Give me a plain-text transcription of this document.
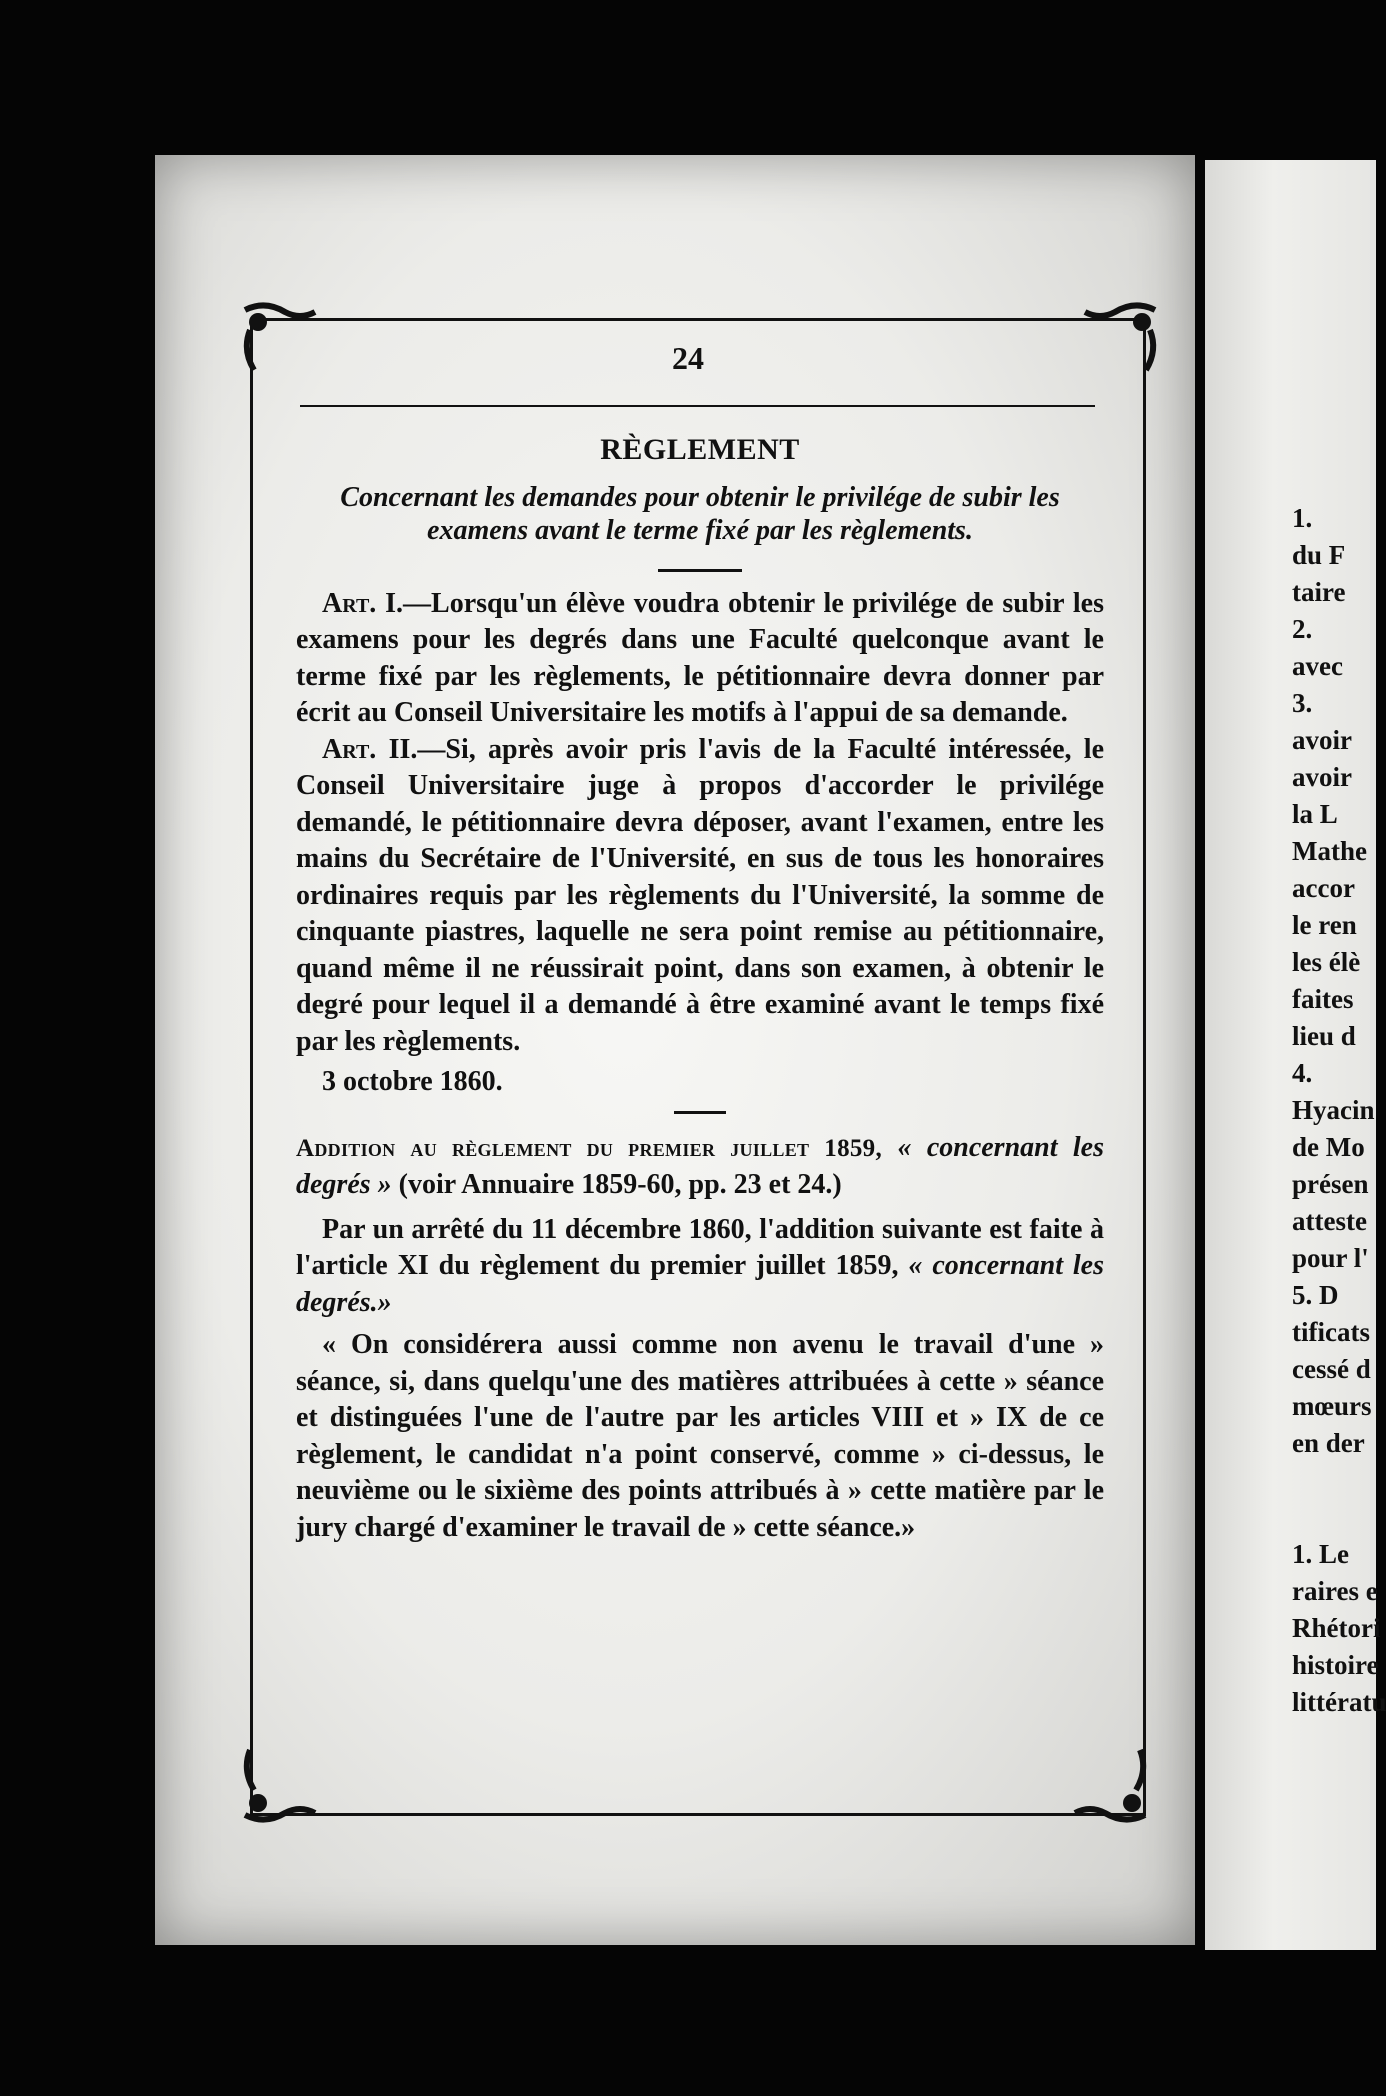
24
RÈGLEMENT
Concernant les demandes pour obtenir le privilége de subir les examens avant le terme fixé par les règlements.

Art. I.—Lorsqu'un élève voudra obtenir le privilége de subir les examens pour les degrés dans une Faculté quelconque avant le terme fixé par les règlements, le pétitionnaire devra donner par écrit au Conseil Universitaire les motifs à l'appui de sa demande.

Art. II.—Si, après avoir pris l'avis de la Faculté intéressée, le Conseil Universitaire juge à propos d'accorder le privilége demandé, le pétitionnaire devra déposer, avant l'examen, entre les mains du Secrétaire de l'Université, en sus de tous les honoraires ordinaires requis par les règlements du l'Université, la somme de cinquante piastres, laquelle ne sera point remise au pétitionnaire, quand même il ne réussirait point, dans son examen, à obtenir le degré pour lequel il a demandé à être examiné avant le temps fixé par les règlements.

3 octobre 1860.

Addition au règlement du premier juillet 1859, « concernant les degrés » (voir Annuaire 1859-60, pp. 23 et 24.)

Par un arrêté du 11 décembre 1860, l'addition suivante est faite à l'article XI du règlement du premier juillet 1859, « concernant les degrés.»

« On considérera aussi comme non avenu le travail d'une » séance, si, dans quelqu'une des matières attribuées à cette » séance et distinguées l'une de l'autre par les articles VIII et » IX de ce règlement, le candidat n'a point conservé, comme » ci-dessus, le neuvième ou le sixième des points attribués à » cette matière par le jury chargé d'examiner le travail de » cette séance.»

1.
du F
taire
2.
avec
3.
avoir
avoir
la L
Mathe
accor
le ren
les élè
faites
lieu d
4.
Hyacin
de Mo
présen
atteste
pour l'
5. D
tificats
cessé d
mœurs
en der
1. Le
raires e
Rhétori
histoire
littératu
